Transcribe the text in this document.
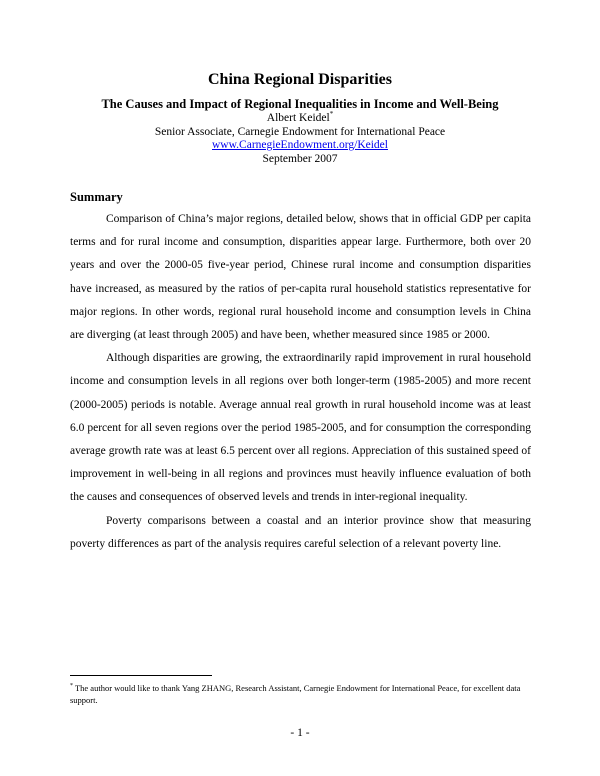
China Regional Disparities

The Causes and Impact of Regional Inequalities in Income and Well-Being

Albert Keidel*

Senior Associate, Carnegie Endowment for International Peace

www.CarnegieEndowment.org/Keidel

September 2007

Summary

Comparison of China’s major regions, detailed below, shows that in official GDP per capita terms and for rural income and consumption, disparities appear large. Furthermore, both over 20 years and over the 2000-05 five-year period, Chinese rural income and consumption disparities have increased, as measured by the ratios of per-capita rural household statistics representative for major regions. In other words, regional rural household income and consumption levels in China are diverging (at least through 2005) and have been, whether measured since 1985 or 2000.

Although disparities are growing, the extraordinarily rapid improvement in rural household income and consumption levels in all regions over both longer-term (1985-2005) and more recent (2000-2005) periods is notable. Average annual real growth in rural household income was at least 6.0 percent for all seven regions over the period 1985-2005, and for consumption the corresponding average growth rate was at least 6.5 percent over all regions. Appreciation of this sustained speed of improvement in well-being in all regions and provinces must heavily influence evaluation of both the causes and consequences of observed levels and trends in inter-regional inequality.

Poverty comparisons between a coastal and an interior province show that measuring poverty differences as part of the analysis requires careful selection of a relevant poverty line.

* The author would like to thank Yang ZHANG, Research Assistant, Carnegie Endowment for International Peace, for excellent data support.

- 1 -
